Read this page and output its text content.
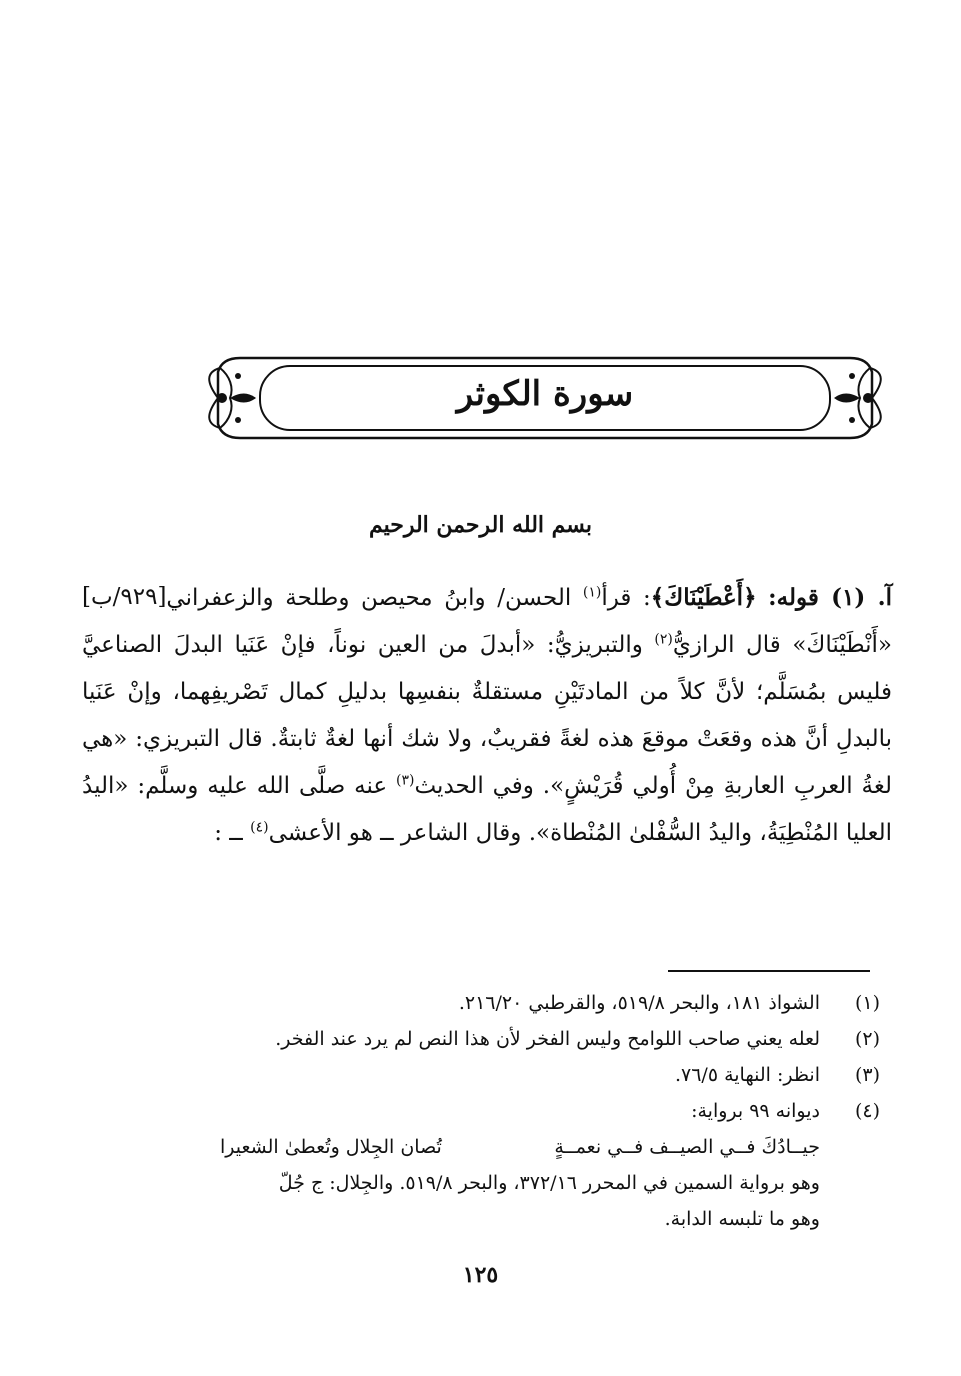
سورة الكوثر
بسم الله الرحمن الرحيم
[٩٢٩/ب]	آ. (١) قوله: ﴿أَعْطَيْنَاكَ﴾: قرأ$^{(١)}$ الحسن/ وابنُ محيصن وطلحة والزعفراني «أَنْطَيْنَاكَ» قال الرازيُّ$^{(٢)}$ والتبريزيُّ: «أبدلَ من العين نوناً، فإنْ عَنَيا البدلَ الصناعيَّ فليس بمُسَلَّم؛ لأنَّ كلاً من المادتَيْنِ مستقلةٌ بنفسِها بدليلِ كمال تَصْريفِهما، وإنْ عَنَيا بالبدلِ أنَّ هذه وقعَتْ موقعَ هذه لغةً فقريبٌ، ولا شك أنها لغةٌ ثابتةٌ. قال التبريزي: «هي لغةُ العربِ العاربةِ مِنْ أُولي قُرَيْشٍ». وفي الحديث$^{(٣)}$ عنه صلَّى الله عليه وسلَّم: «اليدُ العليا المُنْطِيَةُ، واليدُ السُّفْلىٰ المُنْطاة». وقال الشاعر ــ هو الأعشى$^{(٤)}$ ــ :
(١)
الشواذ ١٨١، والبحر ٥١٩/٨، والقرطبي ٢١٦/٢٠.
(٢)
لعله يعني صاحب اللوامح وليس الفخر لأن هذا النص لم يرد عند الفخر.
(٣)
انظر: النهاية ٧٦/٥.
(٤)
ديوانه ٩٩ برواية:
جيــادُكَ فــي الصيــف فــي نعمــةٍ
تُصان الجِلال وتُعطىٰ الشعيرا
وهو برواية السمين في المحرر ٣٧٢/١٦، والبحر ٥١٩/٨. والجِلال: ج جُلّ
وهو ما تلبسه الدابة.
١٢٥
